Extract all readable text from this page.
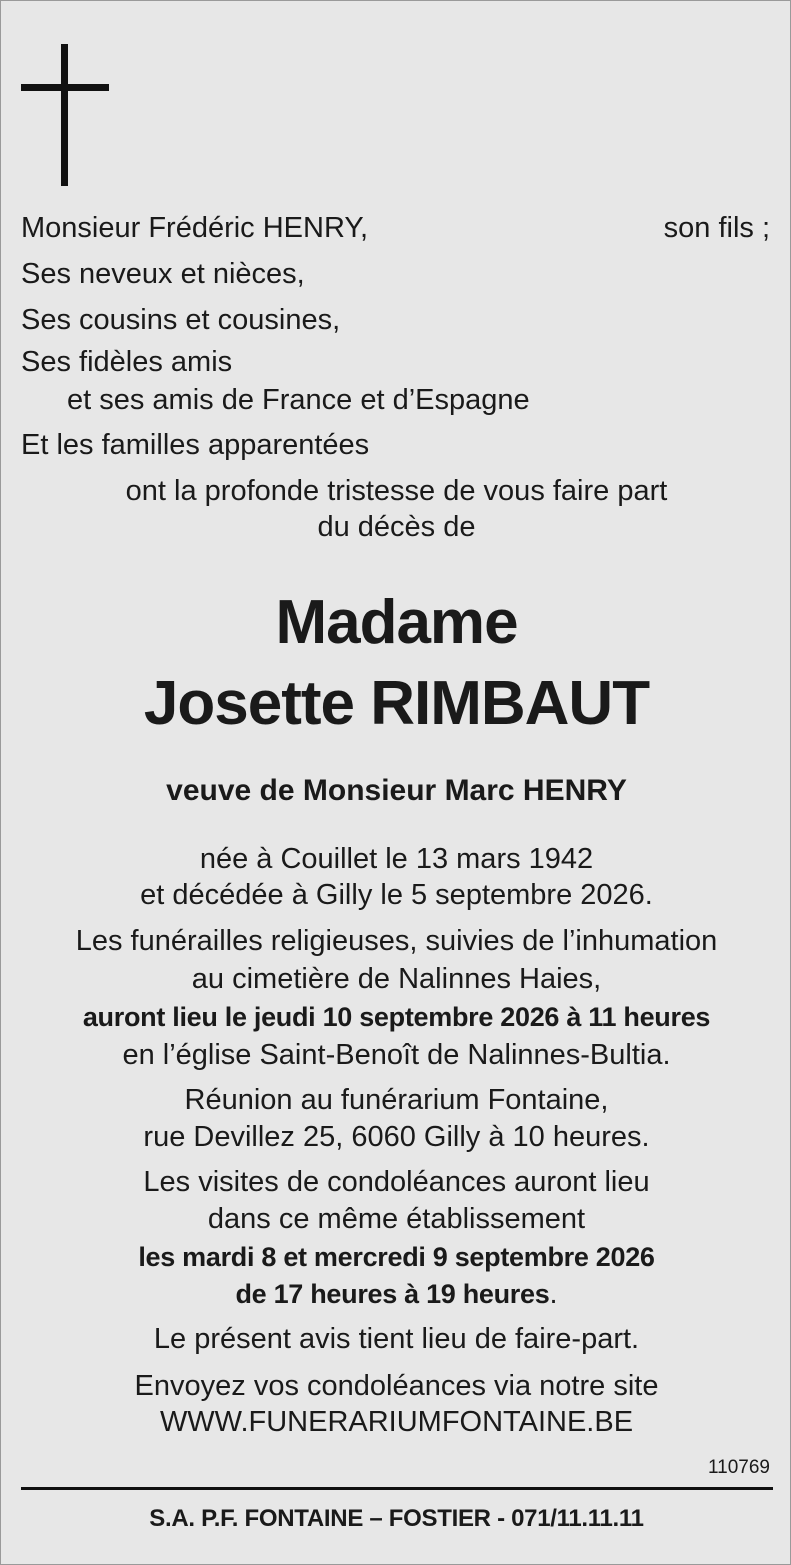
Monsieur Frédéric HENRY,	son fils ;
Ses neveux et nièces,
Ses cousins et cousines,
Ses fidèles amis
et ses amis de France et d’Espagne
Et les familles apparentées
ont la profonde tristesse de vous faire part
du décès de
Madame
Josette RIMBAUT
veuve de Monsieur Marc HENRY
née à Couillet le 13 mars 1942
et décédée à Gilly le 5 septembre 2026.
Les funérailles religieuses, suivies de l’inhumation
au cimetière de Nalinnes Haies,
auront lieu le jeudi 10 septembre 2026 à 11 heures
en l’église Saint-Benoît de Nalinnes-Bultia.
Réunion au funérarium Fontaine,
rue Devillez 25, 6060 Gilly à 10 heures.
Les visites de condoléances auront lieu
dans ce même établissement
les mardi 8 et mercredi 9 septembre 2026
de 17 heures à 19 heures.
Le présent avis tient lieu de faire-part.
Envoyez vos condoléances via notre site
WWW.FUNERARIUMFONTAINE.BE
110769
S.A. P.F. FONTAINE – FOSTIER - 071/11.11.11
